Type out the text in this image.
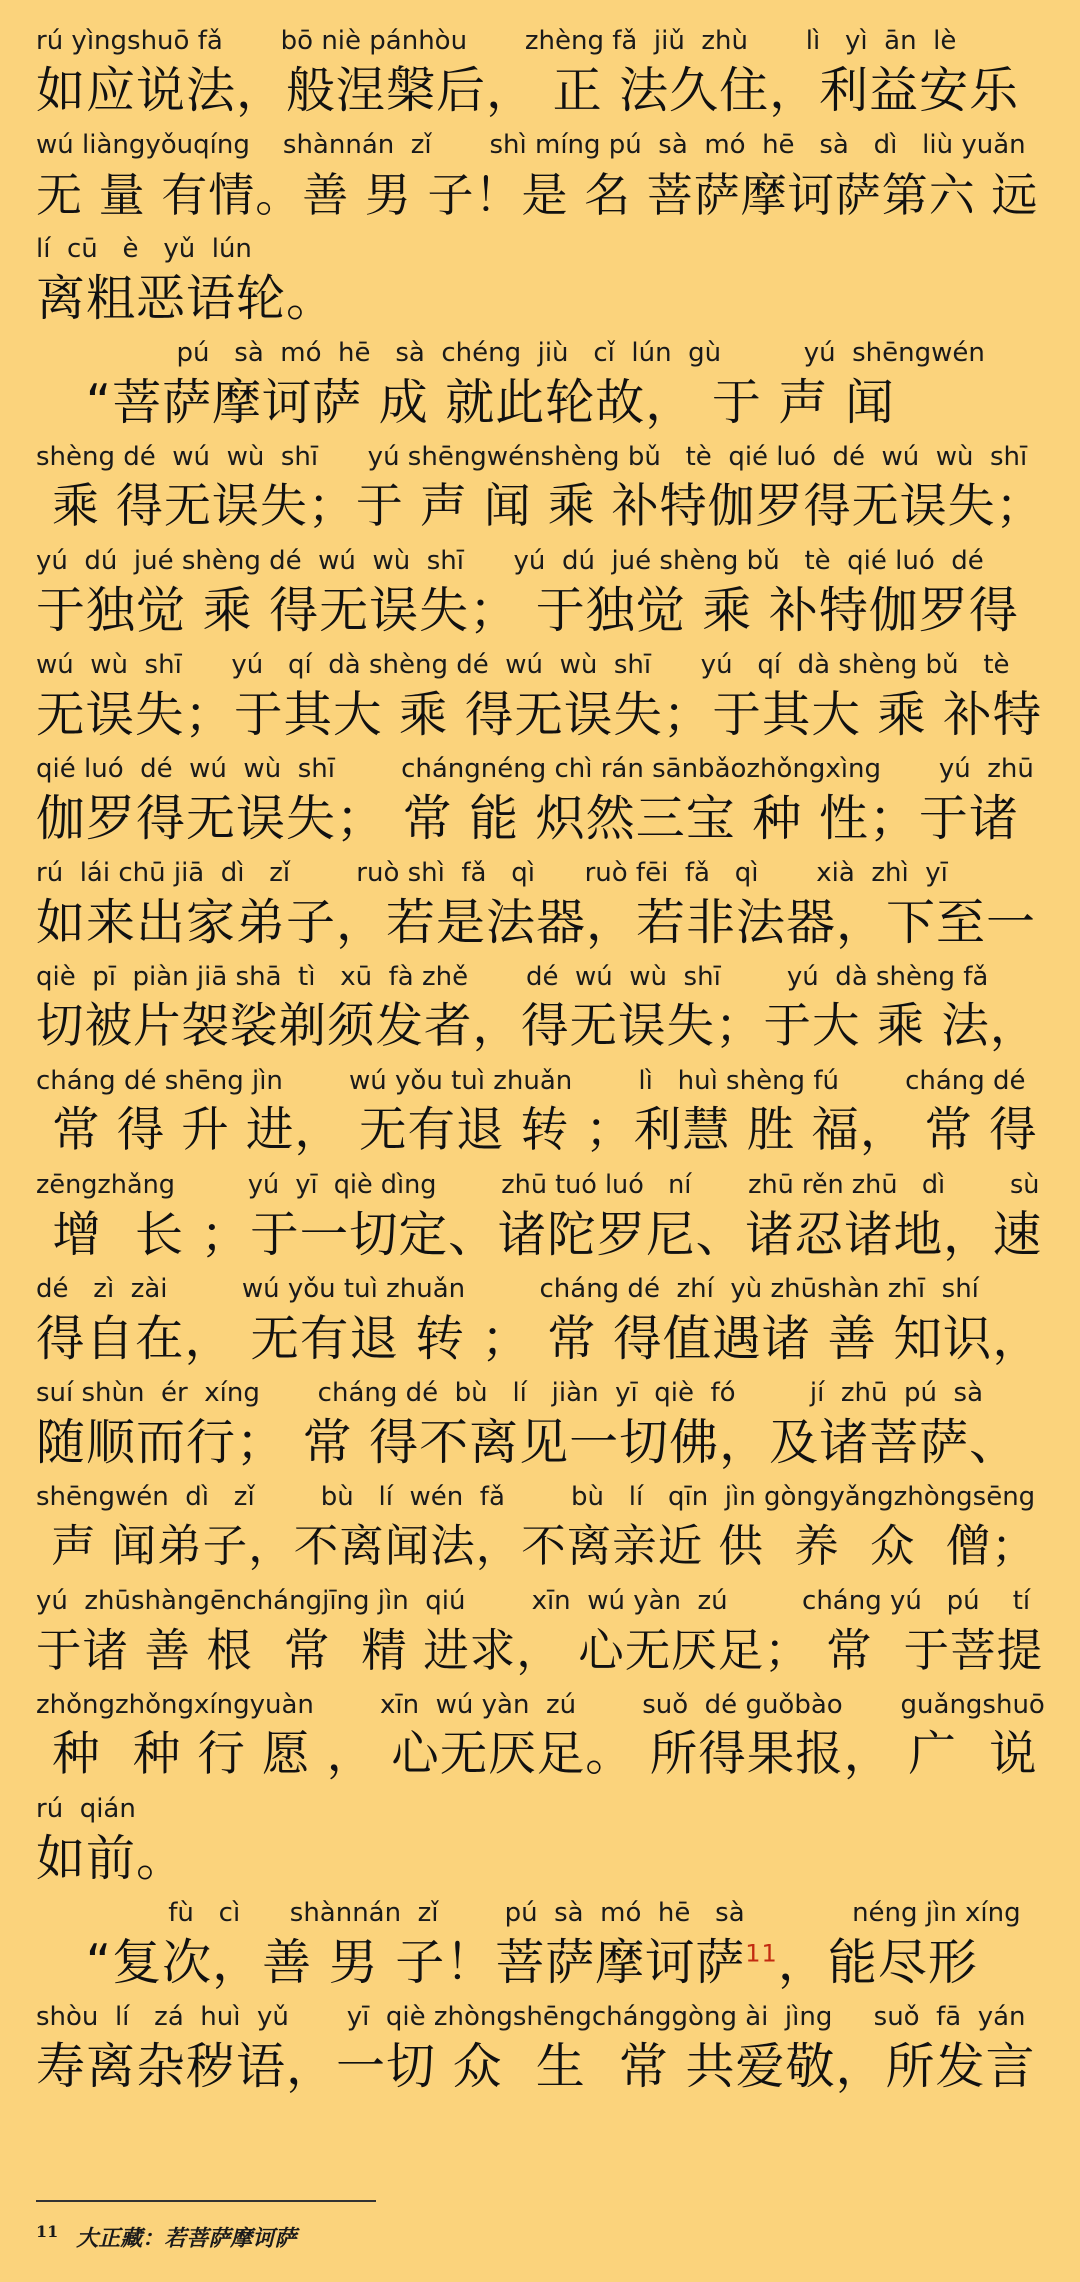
rú yìngshuō fǎ       bō niè pánhòu       zhèng fǎ  jiǔ  zhù       lì   yì  ān  lè
如应说法，般涅槃后， 正 法久住，利益安乐
wú liàngyǒuqíng    shànnán  zǐ       shì míng pú  sà  mó  hē   sà   dì   liù yuǎn
无 量 有情。善 男 子！是 名 菩萨摩诃萨第六 远
lí  cū   è   yǔ  lún
离粗恶语轮。
pú   sà  mó  hē   sà  chéng  jiù   cǐ  lún  gù          yú  shēngwén
“菩萨摩诃萨 成 就此轮故， 于 声 闻
shèng dé  wú  wù  shī      yú shēngwénshèng bǔ   tè  qié luó  dé  wú  wù  shī
乘 得无误失；于 声 闻 乘 补特伽罗得无误失；
yú  dú  jué shèng dé  wú  wù  shī      yú  dú  jué shèng bǔ   tè  qié luó  dé
于独觉 乘 得无误失； 于独觉 乘 补特伽罗得
wú  wù  shī      yú   qí  dà shèng dé  wú  wù  shī      yú   qí  dà shèng bǔ   tè
无误失；于其大 乘 得无误失；于其大 乘 补特
qié luó  dé  wú  wù  shī        chángnéng chì rán sānbǎozhǒngxìng       yú  zhū
伽罗得无误失； 常 能 炽然三宝 种 性；于诸
rú  lái chū jiā  dì   zǐ        ruò shì  fǎ   qì      ruò fēi  fǎ   qì       xià  zhì  yī
如来出家弟子，若是法器，若非法器，下至一
qiè  pī  piàn jiā shā  tì   xū  fà zhě       dé  wú  wù  shī        yú  dà shèng fǎ
切被片袈裟剃须发者，得无误失；于大 乘 法，
cháng dé shēng jìn        wú yǒu tuì zhuǎn        lì   huì shèng fú        cháng dé
常 得 升 进， 无有退 转 ；利慧 胜 福， 常 得
zēngzhǎng         yú  yī  qiè dìng        zhū tuó luó   ní       zhū rěn zhū   dì        sù
增  长 ；于一切定、诸陀罗尼、诸忍诸地，速
dé   zì  zài         wú yǒu tuì zhuǎn         cháng dé  zhí  yù zhūshàn zhī  shí
得自在， 无有退 转 ； 常 得值遇诸 善 知识，
suí shùn  ér  xíng       cháng dé  bù   lí   jiàn  yī  qiè  fó         jí  zhū  pú  sà
随顺而行； 常 得不离见一切佛，及诸菩萨、
shēngwén  dì   zǐ        bù   lí  wén  fǎ        bù   lí   qīn  jìn gòngyǎngzhòngsēng
声 闻弟子，不离闻法，不离亲近 供  养  众  僧；
yú  zhūshàngēnchángjīng jìn  qiú        xīn  wú yàn  zú         cháng yú   pú    tí
于诸 善 根  常  精 进求， 心无厌足； 常  于菩提
zhǒngzhǒngxíngyuàn        xīn  wú yàn  zú        suǒ  dé guǒbào       guǎngshuō
种  种 行 愿 ， 心无厌足。 所得果报， 广  说
rú  qián
如前。
fù   cì      shànnán  zǐ        pú  sà  mó  hē   sà             néng jìn xíng
“复次，善 男 子！菩萨摩诃萨$^{11}$，能尽形
shòu  lí   zá  huì  yǔ       yī  qiè zhòngshēngchánggòng ài  jìng     suǒ  fā  yán
寿离杂秽语，一切 众  生  常 共爱敬，所发言
$^{11}$ 大正藏：若菩萨摩诃萨
